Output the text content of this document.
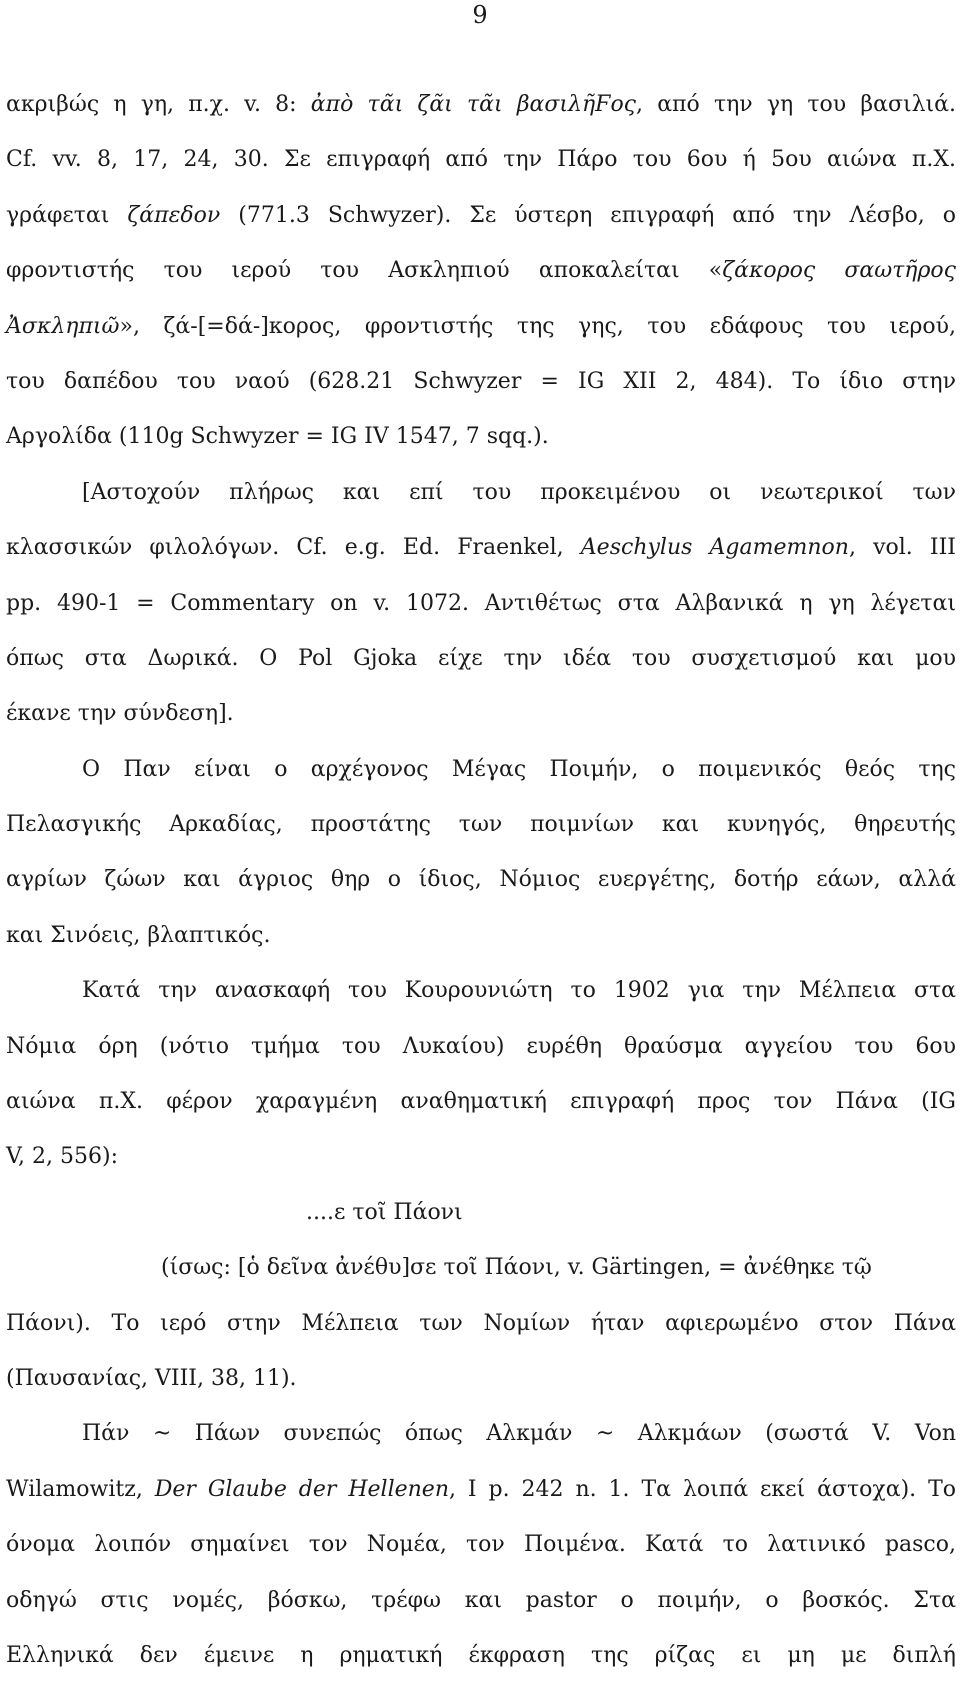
9
ακριβώς η γη, π.χ. v. 8: ἀπὸ τᾶι ζᾶι τᾶι βασιλῆϜος, από την γη του βασιλιά.
Cf. vv. 8, 17, 24, 30. Σε επιγραφή από την Πάρο του 6ου ή 5ου αιώνα π.Χ.
γράφεται ζάπεδον (771.3 Schwyzer). Σε ύστερη επιγραφή από την Λέσβο, ο
φροντιστής του ιερού του Ασκληπιού αποκαλείται «ζάκορος σαωτῆρος
Ἀσκληπιῶ», ζά-[=δά-]κορος, φροντιστής της γης, του εδάφους του ιερού,
του δαπέδου του ναού (628.21 Schwyzer = IG XII 2, 484). Το ίδιο στην
Αργολίδα (110g Schwyzer = IG IV 1547, 7 sqq.).
[Αστοχούν πλήρως και επί του προκειμένου οι νεωτερικοί των
κλασσικών φιλολόγων. Cf. e.g. Ed. Fraenkel, Aeschylus Agamemnon, vol. III
pp. 490-1 = Commentary on v. 1072. Αντιθέτως στα Αλβανικά η γη λέγεται
όπως στα Δωρικά. Ο Pol Gjoka είχε την ιδέα του συσχετισμού και μου
έκανε την σύνδεση].
Ο Παν είναι ο αρχέγονος Μέγας Ποιμήν, ο ποιμενικός θεός της
Πελασγικής Αρκαδίας, προστάτης των ποιμνίων και κυνηγός, θηρευτής
αγρίων ζώων και άγριος θηρ ο ίδιος, Νόμιος ευεργέτης, δοτήρ εάων, αλλά
και Σινόεις, βλαπτικός.
Κατά την ανασκαφή του Κουρουνιώτη το 1902 για την Μέλπεια στα
Νόμια όρη (νότιο τμήμα του Λυκαίου) ευρέθη θραύσμα αγγείου του 6ου
αιώνα π.Χ. φέρον χαραγμένη αναθηματική επιγραφή προς τον Πάνα (IG
V, 2, 556):
....ε τοῖ Πάονι
(ίσως: [ὁ δεῖνα ἀνέθυ]σε τοῖ Πάονι, v. Gärtingen, = ἀνέθηκε τῷ
Πάονι). Το ιερό στην Μέλπεια των Νομίων ήταν αφιερωμένο στον Πάνα
(Παυσανίας, VIII, 38, 11).
Πάν ~ Πάων συνεπώς όπως Αλκμάν ~ Αλκμάων (σωστά V. Von
Wilamowitz, Der Glaube der Hellenen, I p. 242 n. 1. Τα λοιπά εκεί άστοχα). Το
όνομα λοιπόν σημαίνει τον Νομέα, τον Ποιμένα. Κατά το λατινικό pasco,
οδηγώ στις νομές, βόσκω, τρέφω και pastor ο ποιμήν, ο βοσκός. Στα
Ελληνικά δεν έμεινε η ρηματική έκφραση της ρίζας ει μη με διπλή
